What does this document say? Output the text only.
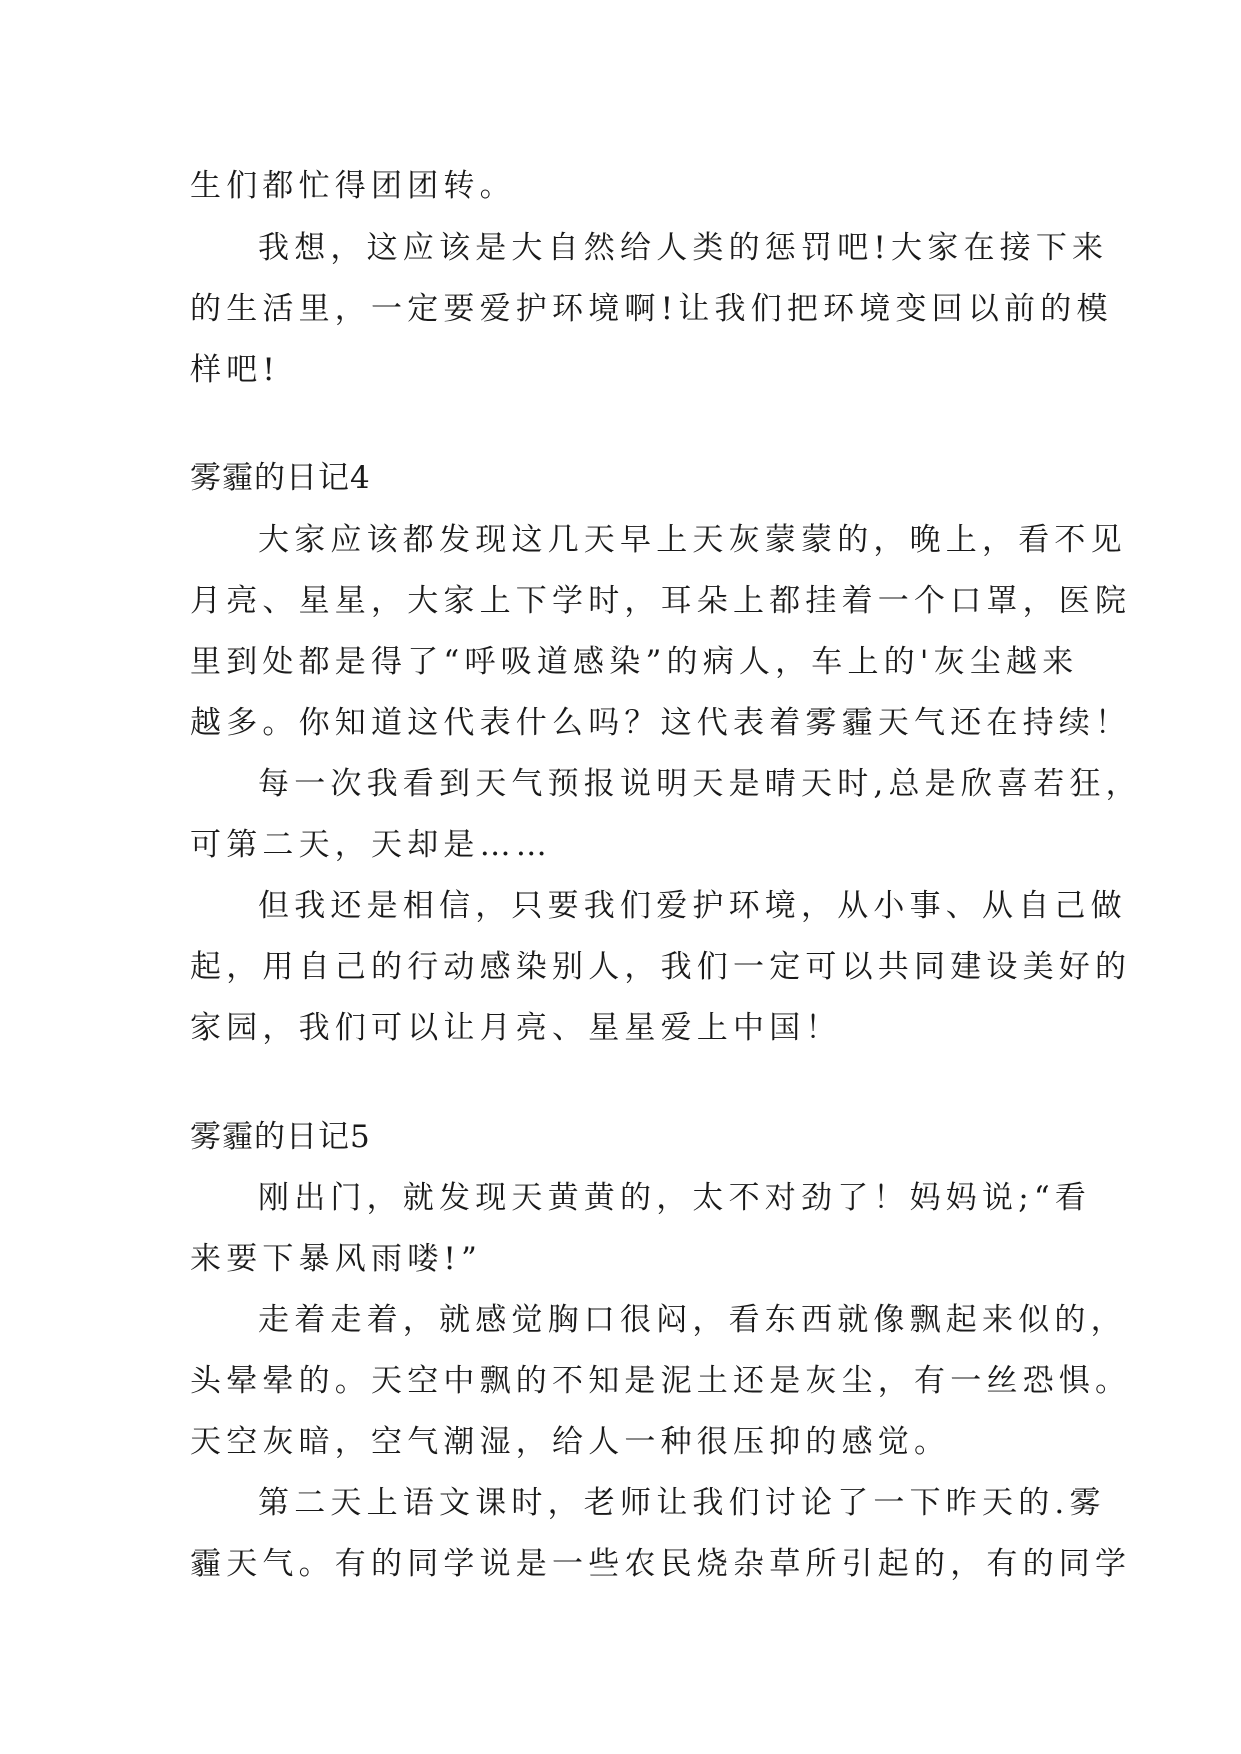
生们都忙得团团转。
我想，这应该是大自然给人类的惩罚吧!大家在接下来
的生活里，一定要爱护环境啊!让我们把环境变回以前的模
样吧!
雾霾的日记4
大家应该都发现这几天早上天灰蒙蒙的，晚上，看不见
月亮、星星，大家上下学时，耳朵上都挂着一个口罩，医院
里到处都是得了“呼吸道感染”的病人，车上的'灰尘越来
越多。你知道这代表什么吗？这代表着雾霾天气还在持续！
每一次我看到天气预报说明天是晴天时,总是欣喜若狂，
可第二天，天却是……
但我还是相信，只要我们爱护环境，从小事、从自己做
起，用自己的行动感染别人，我们一定可以共同建设美好的
家园，我们可以让月亮、星星爱上中国！
雾霾的日记5
刚出门，就发现天黄黄的，太不对劲了！妈妈说;“看
来要下暴风雨喽!”
走着走着，就感觉胸口很闷，看东西就像飘起来似的，
头晕晕的。天空中飘的不知是泥土还是灰尘，有一丝恐惧。
天空灰暗，空气潮湿，给人一种很压抑的感觉。
第二天上语文课时，老师让我们讨论了一下昨天的.雾
霾天气。有的同学说是一些农民烧杂草所引起的，有的同学
